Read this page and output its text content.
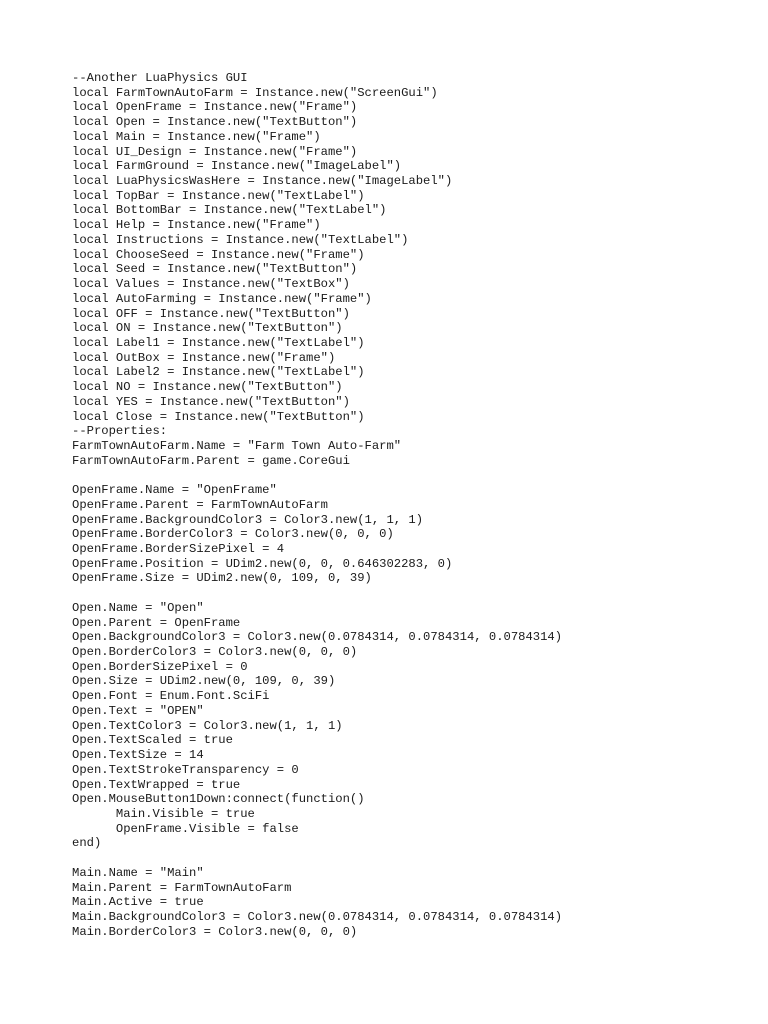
--Another LuaPhysics GUI
local FarmTownAutoFarm = Instance.new("ScreenGui")
local OpenFrame = Instance.new("Frame")
local Open = Instance.new("TextButton")
local Main = Instance.new("Frame")
local UI_Design = Instance.new("Frame")
local FarmGround = Instance.new("ImageLabel")
local LuaPhysicsWasHere = Instance.new("ImageLabel")
local TopBar = Instance.new("TextLabel")
local BottomBar = Instance.new("TextLabel")
local Help = Instance.new("Frame")
local Instructions = Instance.new("TextLabel")
local ChooseSeed = Instance.new("Frame")
local Seed = Instance.new("TextButton")
local Values = Instance.new("TextBox")
local AutoFarming = Instance.new("Frame")
local OFF = Instance.new("TextButton")
local ON = Instance.new("TextButton")
local Label1 = Instance.new("TextLabel")
local OutBox = Instance.new("Frame")
local Label2 = Instance.new("TextLabel")
local NO = Instance.new("TextButton")
local YES = Instance.new("TextButton")
local Close = Instance.new("TextButton")
--Properties:
FarmTownAutoFarm.Name = "Farm Town Auto-Farm"
FarmTownAutoFarm.Parent = game.CoreGui
OpenFrame.Name = "OpenFrame"
OpenFrame.Parent = FarmTownAutoFarm
OpenFrame.BackgroundColor3 = Color3.new(1, 1, 1)
OpenFrame.BorderColor3 = Color3.new(0, 0, 0)
OpenFrame.BorderSizePixel = 4
OpenFrame.Position = UDim2.new(0, 0, 0.646302283, 0)
OpenFrame.Size = UDim2.new(0, 109, 0, 39)
Open.Name = "Open"
Open.Parent = OpenFrame
Open.BackgroundColor3 = Color3.new(0.0784314, 0.0784314, 0.0784314)
Open.BorderColor3 = Color3.new(0, 0, 0)
Open.BorderSizePixel = 0
Open.Size = UDim2.new(0, 109, 0, 39)
Open.Font = Enum.Font.SciFi
Open.Text = "OPEN"
Open.TextColor3 = Color3.new(1, 1, 1)
Open.TextScaled = true
Open.TextSize = 14
Open.TextStrokeTransparency = 0
Open.TextWrapped = true
Open.MouseButton1Down:connect(function()
Main.Visible = true
OpenFrame.Visible = false
end)
Main.Name = "Main"
Main.Parent = FarmTownAutoFarm
Main.Active = true
Main.BackgroundColor3 = Color3.new(0.0784314, 0.0784314, 0.0784314)
Main.BorderColor3 = Color3.new(0, 0, 0)
